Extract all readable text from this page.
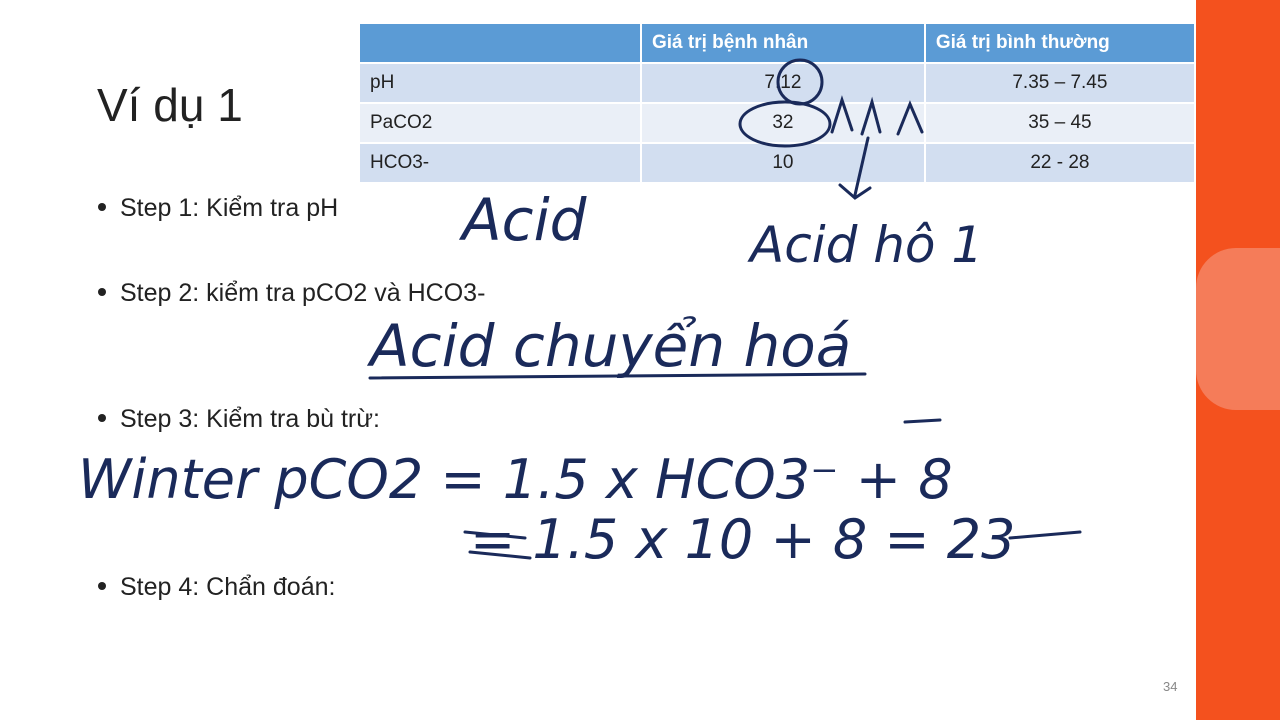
Ví dụ 1
	Giá trị bệnh nhân	Giá trị bình thường
pH	7.12	7.35 – 7.45
PaCO2	32	35 – 45
HCO3-	10	22 - 28
Step 1: Kiểm tra pH
Step 2: kiểm tra pCO2 và HCO3-
Step 3: Kiểm tra bù trừ:
Step 4: Chẩn đoán:
34
Acid	Acid hô 1
Acid chuyển hoá
Winter pCO2 = 1.5 x HCO3⁻ + 8
= 1.5 x 10 + 8 = 23
